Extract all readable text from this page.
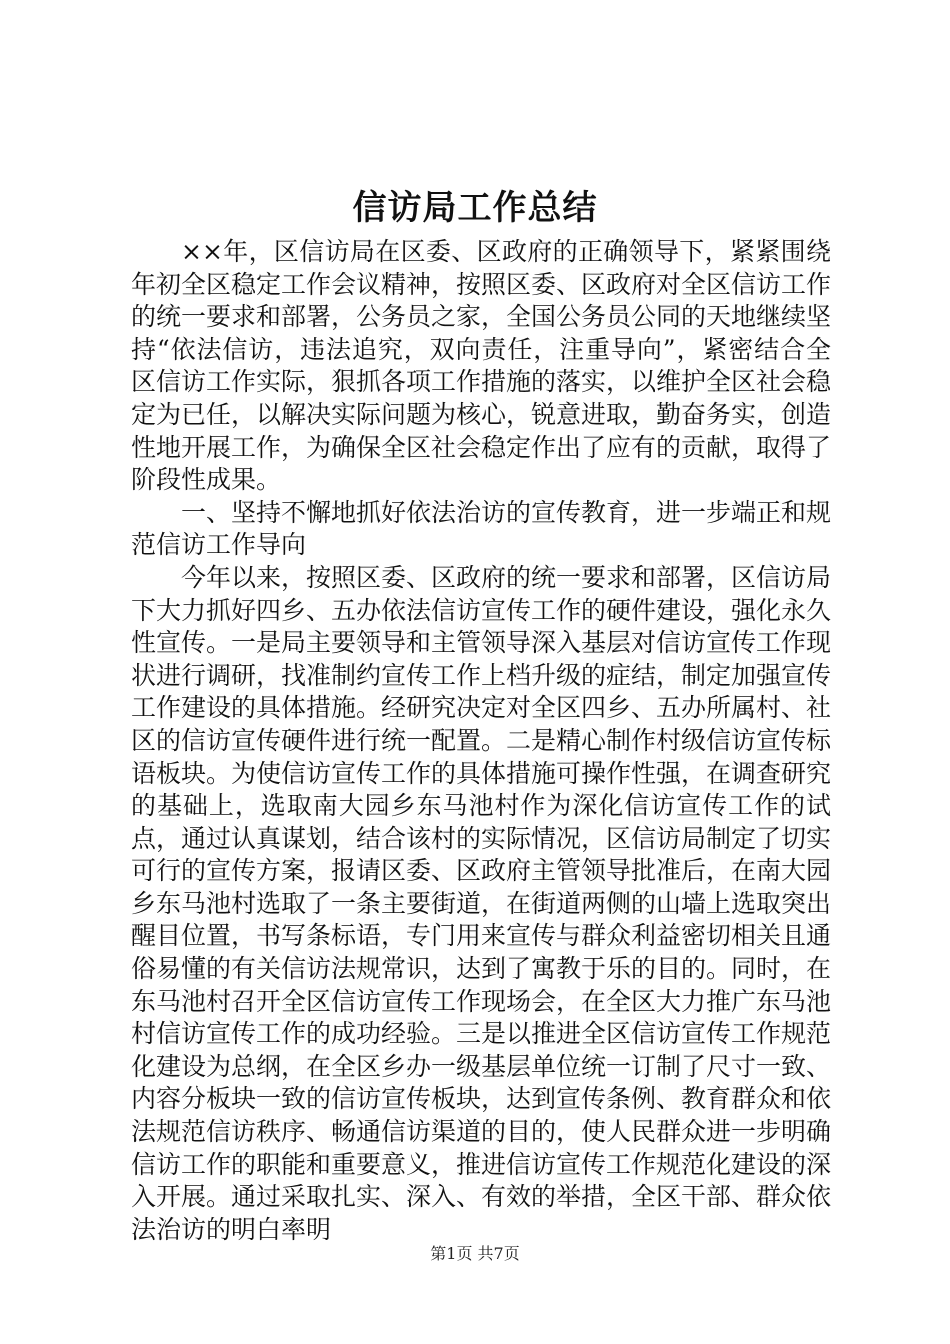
信访局工作总结

××年，区信访局在区委、区政府的正确领导下，紧紧围绕年初全区稳定工作会议精神，按照区委、区政府对全区信访工作的统一要求和部署，公务员之家，全国公务员公同的天地继续坚持“依法信访，违法追究，双向责任，注重导向”，紧密结合全区信访工作实际，狠抓各项工作措施的落实，以维护全区社会稳定为已任，以解决实际问题为核心，锐意进取，勤奋务实，创造性地开展工作，为确保全区社会稳定作出了应有的贡献，取得了阶段性成果。

一、坚持不懈地抓好依法治访的宣传教育，进一步端正和规范信访工作导向

今年以来，按照区委、区政府的统一要求和部署，区信访局下大力抓好四乡、五办依法信访宣传工作的硬件建设，强化永久性宣传。一是局主要领导和主管领导深入基层对信访宣传工作现状进行调研，找准制约宣传工作上档升级的症结，制定加强宣传工作建设的具体措施。经研究决定对全区四乡、五办所属村、社区的信访宣传硬件进行统一配置。二是精心制作村级信访宣传标语板块。为使信访宣传工作的具体措施可操作性强，在调查研究的基础上，选取南大园乡东马池村作为深化信访宣传工作的试点，通过认真谋划，结合该村的实际情况，区信访局制定了切实可行的宣传方案，报请区委、区政府主管领导批准后，在南大园乡东马池村选取了一条主要街道，在街道两侧的山墙上选取突出醒目位置，书写条标语，专门用来宣传与群众利益密切相关且通俗易懂的有关信访法规常识，达到了寓教于乐的目的。同时，在东马池村召开全区信访宣传工作现场会，在全区大力推广东马池村信访宣传工作的成功经验。三是以推进全区信访宣传工作规范化建设为总纲，在全区乡办一级基层单位统一订制了尺寸一致、内容分板块一致的信访宣传板块，达到宣传条例、教育群众和依法规范信访秩序、畅通信访渠道的目的，使人民群众进一步明确信访工作的职能和重要意义，推进信访宣传工作规范化建设的深入开展。通过采取扎实、深入、有效的举措，全区干部、群众依法治访的明白率明

第1页 共7页
